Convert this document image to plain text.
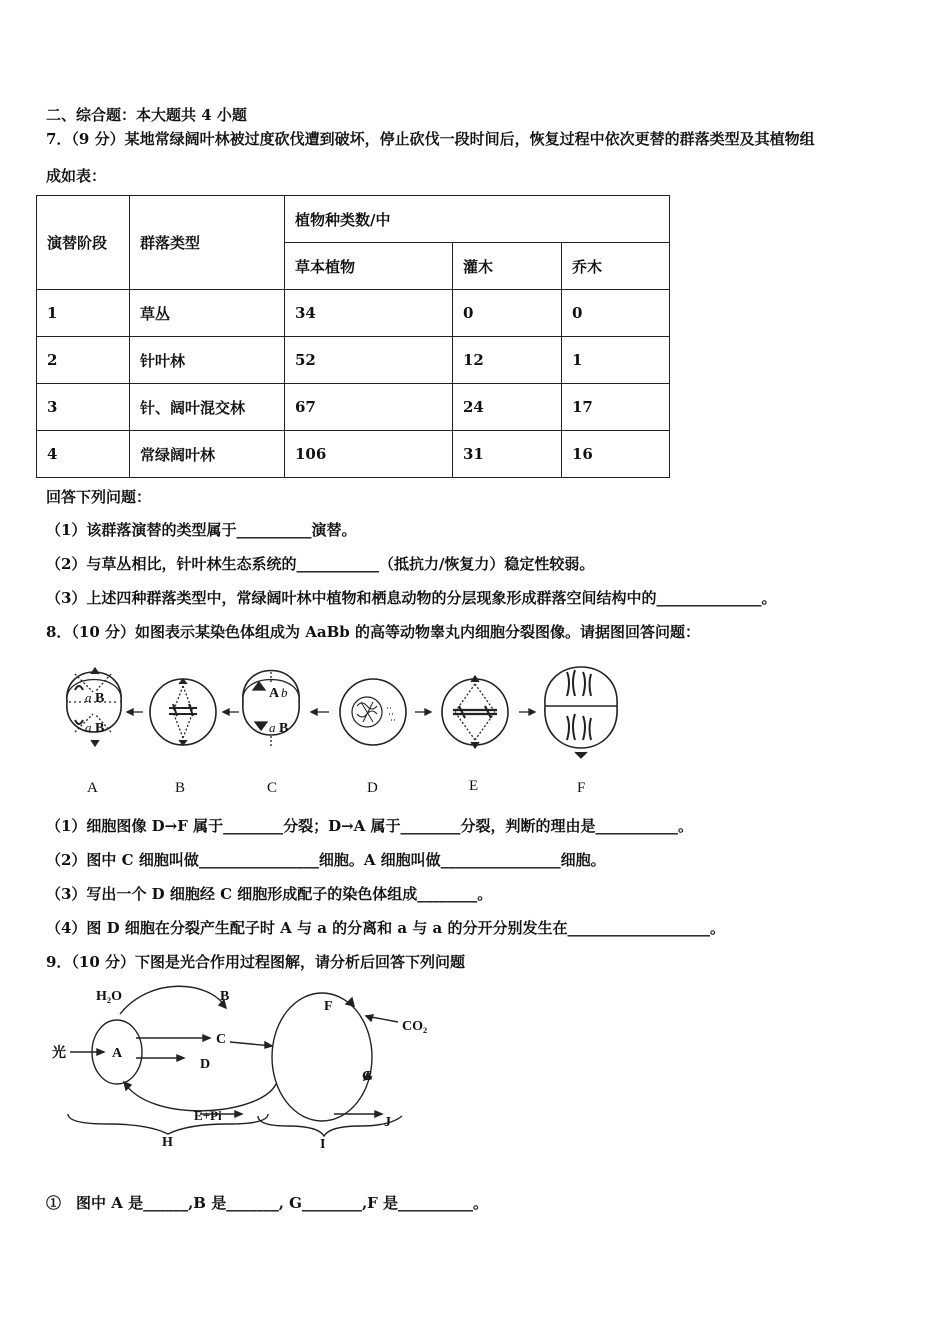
二、综合题：本大题共 4 小题
7．（9 分）某地常绿阔叶林被过度砍伐遭到破坏，停止砍伐一段时间后，恢复过程中依次更替的群落类型及其植物组
成如表：
演替阶段	群落类型	植物种类数/中		
		草本植物	灌木	乔木
1	草丛	34	0	0
2	针叶林	52	12	1
3	针、阔叶混交林	67	24	17
4	常绿阔叶林	106	31	16
回答下列问题：
（1）该群落演替的类型属于__________演替。
（2）与草丛相比，针叶林生态系统的___________（抵抗力/恢复力）稳定性较弱。
（3）上述四种群落类型中，常绿阔叶林中植物和栖息动物的分层现象形成群落空间结构中的______________。
8．（10 分）如图表示某染色体组成为 AaBb 的高等动物睾丸内细胞分裂图像。请据图回答问题：
a B
a B
A b
a B
A	B	C	D	E	F
（1）细胞图像 D→F 属于________分裂；D→A 属于________分裂，判断的理由是___________。
（2）图中 C 细胞叫做________________细胞。A 细胞叫做________________细胞。
（3）写出一个 D 细胞经 C 细胞形成配子的染色体组成________。
（4）图 D 细胞在分裂产生配子时 A 与 a 的分离和 a 与 a 的分开分别发生在___________________。
9．（10 分）下图是光合作用过程图解，请分析后回答下列问题
H₂O	B
光	A
C
D
E+Pi
F
CO₂
G
J
H	I
①　图中 A 是______,B 是_______, G________,F 是__________。
